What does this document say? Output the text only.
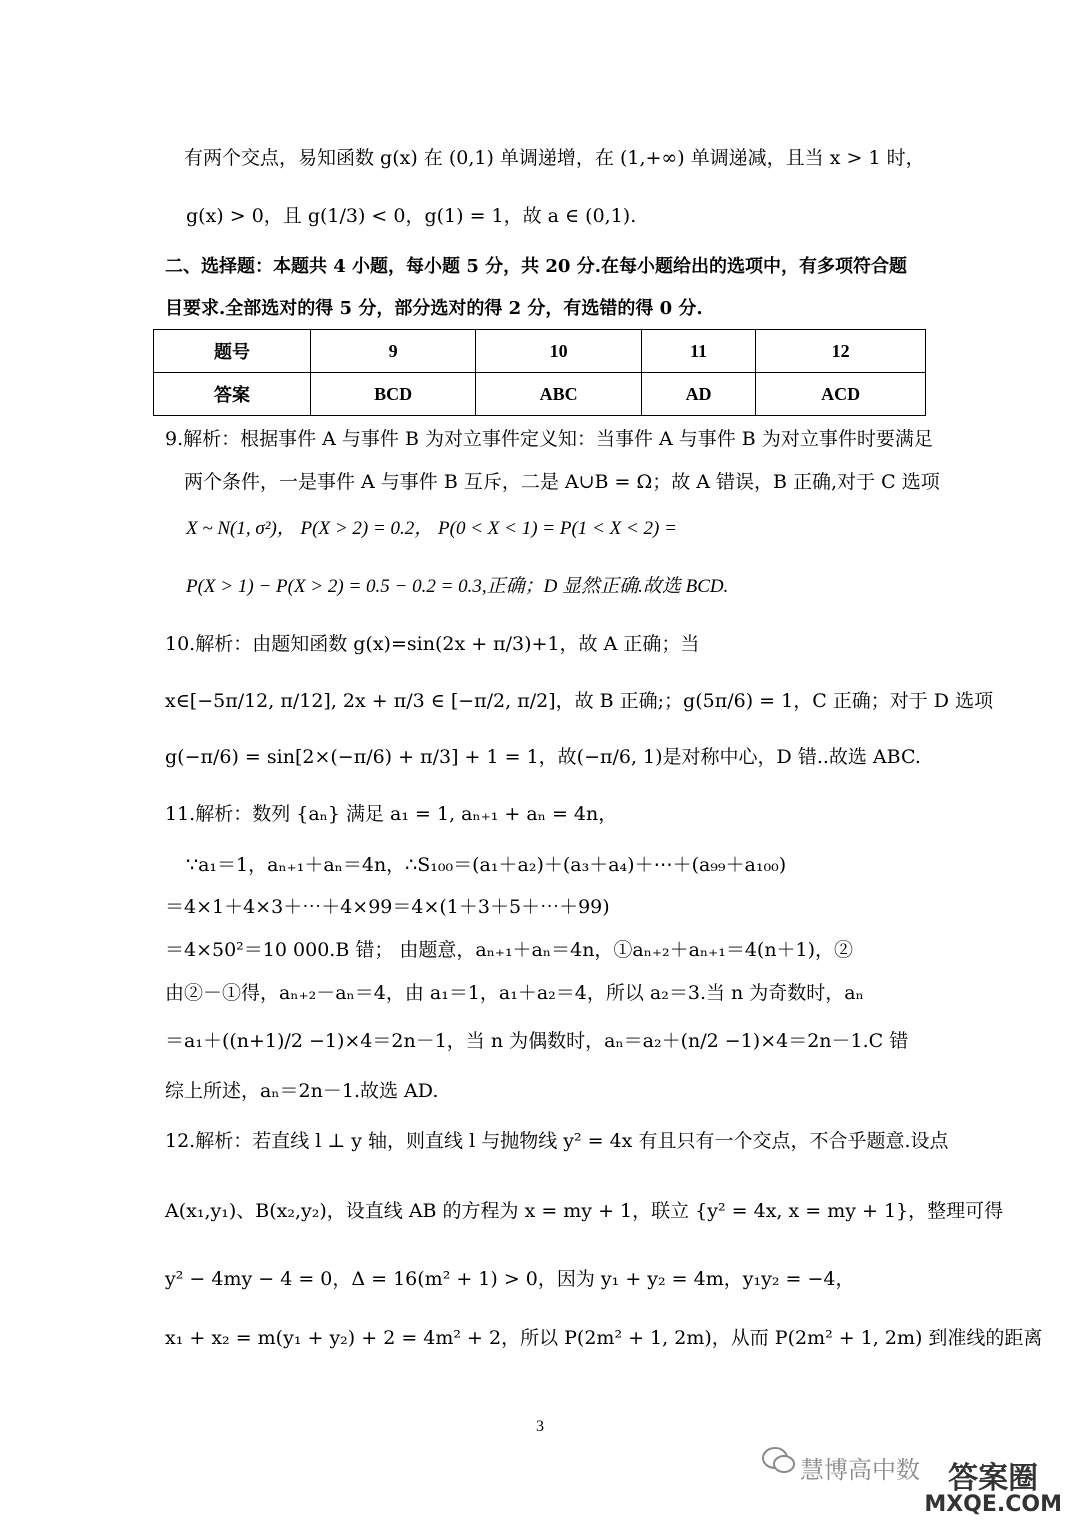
有两个交点，易知函数 g(x) 在 (0,1) 单调递增，在 (1,+∞) 单调递减，且当 x > 1 时，
g(x) > 0，且 g(1/3) < 0，g(1) = 1，故 a ∈ (0,1).
二、选择题：本题共 4 小题，每小题 5 分，共 20 分.在每小题给出的选项中，有多项符合题
目要求.全部选对的得 5 分，部分选对的得 2 分，有选错的得 0 分.
题号	9	10	11	12
答案	BCD	ABC	AD	ACD
9.解析：根据事件 A 与事件 B 为对立事件定义知：当事件 A 与事件 B 为对立事件时要满足
两个条件，一是事件 A 与事件 B 互斥，二是 A∪B = Ω；故 A 错误，B 正确,对于 C 选项
X ~ N(1, σ²)， P(X > 2) = 0.2， P(0 < X < 1) = P(1 < X < 2) =
P(X > 1) − P(X > 2) = 0.5 − 0.2 = 0.3,正确；D 显然正确.故选 BCD.
10.解析：由题知函数 g(x)=sin(2x + π/3)+1，故 A 正确；当
x∈[−5π/12, π/12], 2x + π/3 ∈ [−π/2, π/2]，故 B 正确;；g(5π/6) = 1，C 正确；对于 D 选项
g(−π/6) = sin[2×(−π/6) + π/3] + 1 = 1，故(−π/6, 1)是对称中心，D 错..故选 ABC.
11.解析：数列 {aₙ} 满足 a₁ = 1, aₙ₊₁ + aₙ = 4n，
∵a₁＝1，aₙ₊₁＋aₙ＝4n，∴S₁₀₀＝(a₁＋a₂)＋(a₃＋a₄)＋⋯＋(a₉₉＋a₁₀₀)
＝4×1＋4×3＋⋯＋4×99＝4×(1＋3＋5＋⋯＋99)
＝4×50²＝10 000.B 错； 由题意，aₙ₊₁＋aₙ＝4n，①aₙ₊₂＋aₙ₊₁＝4(n＋1)，②
由②－①得，aₙ₊₂－aₙ＝4，由 a₁＝1，a₁＋a₂＝4，所以 a₂＝3.当 n 为奇数时，aₙ
＝a₁＋((n+1)/2 −1)×4＝2n－1，当 n 为偶数时，aₙ＝a₂＋(n/2 −1)×4＝2n－1.C 错
综上所述，aₙ＝2n－1.故选 AD.
12.解析：若直线 l ⊥ y 轴，则直线 l 与抛物线 y² = 4x 有且只有一个交点，不合乎题意.设点
A(x₁,y₁)、B(x₂,y₂)，设直线 AB 的方程为 x = my + 1，联立 {y² = 4x, x = my + 1}，整理可得
y² − 4my − 4 = 0，Δ = 16(m² + 1) > 0，因为 y₁ + y₂ = 4m，y₁y₂ = −4，
x₁ + x₂ = m(y₁ + y₂) + 2 = 4m² + 2，所以 P(2m² + 1, 2m)，从而 P(2m² + 1, 2m) 到准线的距离
3
慧博高中数 答案圈
MXQE.COM
